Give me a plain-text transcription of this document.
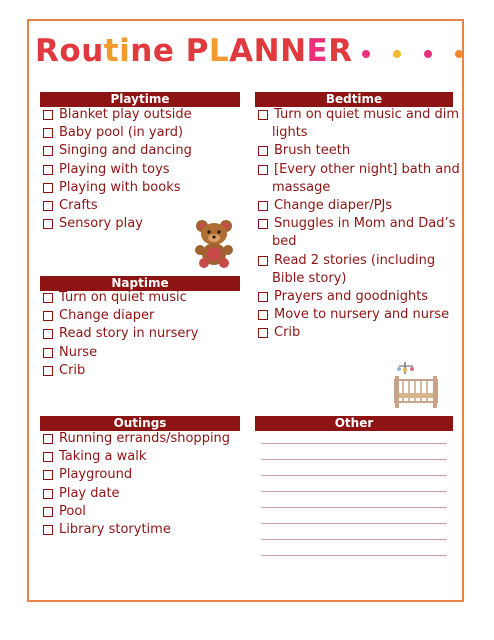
Routine PLANNER
Playtime
Blanket play outside
Baby pool (in yard)
Singing and dancing
Playing with toys
Playing with books
Crafts
Sensory play
Naptime
Turn on quiet music
Change diaper
Read story in nursery
Nurse
Crib
Outings
Running errands/shopping
Taking a walk
Playground
Play date
Pool
Library storytime
Bedtime
Turn on quiet music and dim
lights
Brush teeth
[Every other night] bath and
massage
Change diaper/PJs
Snuggles in Mom and Dad’s
bed
Read 2 stories (including
Bible story)
Prayers and goodnights
Move to nursery and nurse
Crib
Other
